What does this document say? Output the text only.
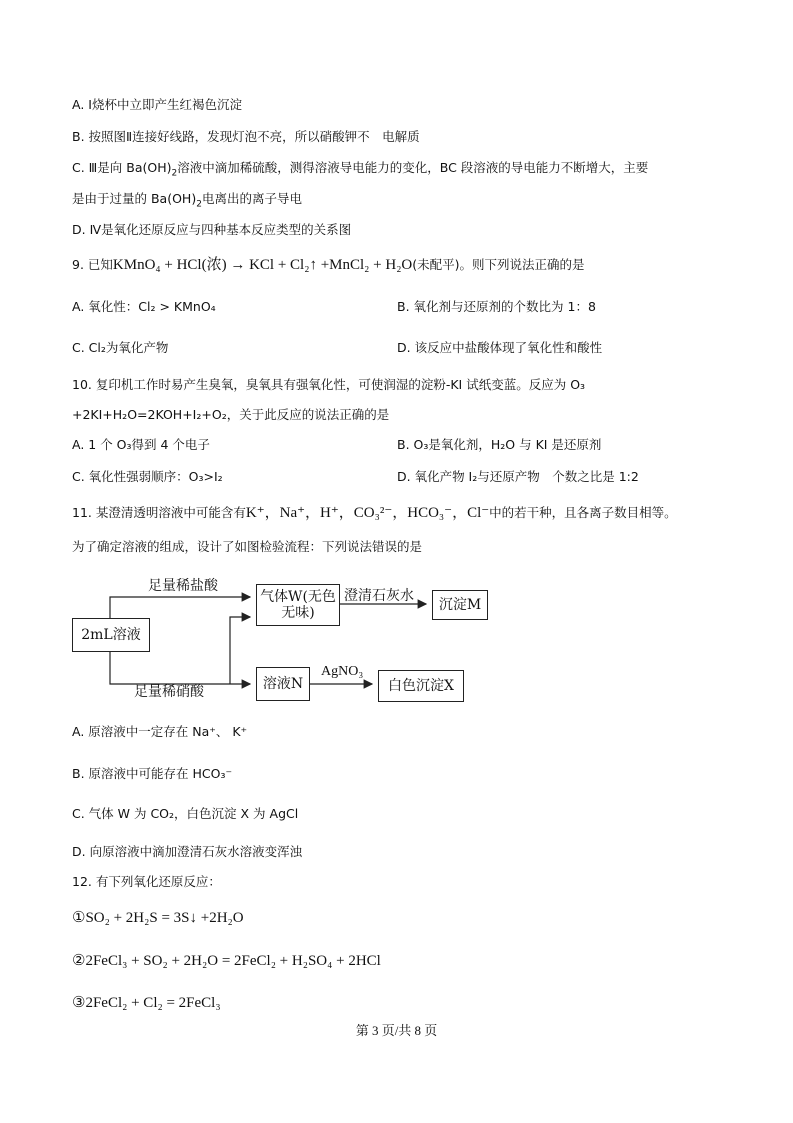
A. Ⅰ烧杯中立即产生红褐色沉淀
B. 按照图Ⅱ连接好线路，发现灯泡不亮，所以硝酸钾不　电解质
C. Ⅲ是向 $Ba(OH)_2$溶液中滴加稀硫酸，测得溶液导电能力的变化，BC 段溶液的导电能力不断增大，主要
是由于过量的 $Ba(OH)_2$电离出的离子导电
D. Ⅳ是氧化还原反应与四种基本反应类型的关系图
9. 已知KMnO₄ + HCl(浓) → KCl + Cl₂↑ +MnCl₂ + H₂O(未配平)。则下列说法正确的是
A. 氧化性：Cl₂ > KMnO₄	B. 氧化剂与还原剂的个数比为 1：8
C. Cl₂为氧化产物	D. 该反应中盐酸体现了氧化性和酸性
10. 复印机工作时易产生臭氧，臭氧具有强氧化性，可使润湿的淀粉-KI 试纸变蓝。反应为 O₃
+2KI+H₂O=2KOH+I₂+O₂，关于此反应的说法正确的是
A. 1 个 O₃得到 4 个电子	B. O₃是氧化剂，H₂O 与 KI 是还原剂
C. 氧化性强弱顺序：O₃>I₂	D. 氧化产物 I₂与还原产物　个数之比是 1:2
11. 某澄清透明溶液中可能含有K⁺，Na⁺，H⁺，CO₃²⁻，HCO₃⁻，Cl⁻中的若干种，且各离子数目相等。
为了确定溶液的组成，设计了如图检验流程：下列说法错误的是
2mL溶液
足量稀盐酸
足量稀硝酸
气体W(无色无味)
澄清石灰水
沉淀M
溶液N
AgNO₃
白色沉淀X
A. 原溶液中一定存在 Na⁺、 K⁺
B. 原溶液中可能存在 HCO₃⁻
C. 气体 W 为 CO₂，白色沉淀 X 为 AgCl
D. 向原溶液中滴加澄清石灰水溶液变浑浊
12. 有下列氧化还原反应：
①SO₂ + 2H₂S = 3S↓ +2H₂O
②2FeCl₃ + SO₂ + 2H₂O = 2FeCl₂ + H₂SO₄ + 2HCl
③2FeCl₂ + Cl₂ = 2FeCl₃
第 3 页/共 8 页
